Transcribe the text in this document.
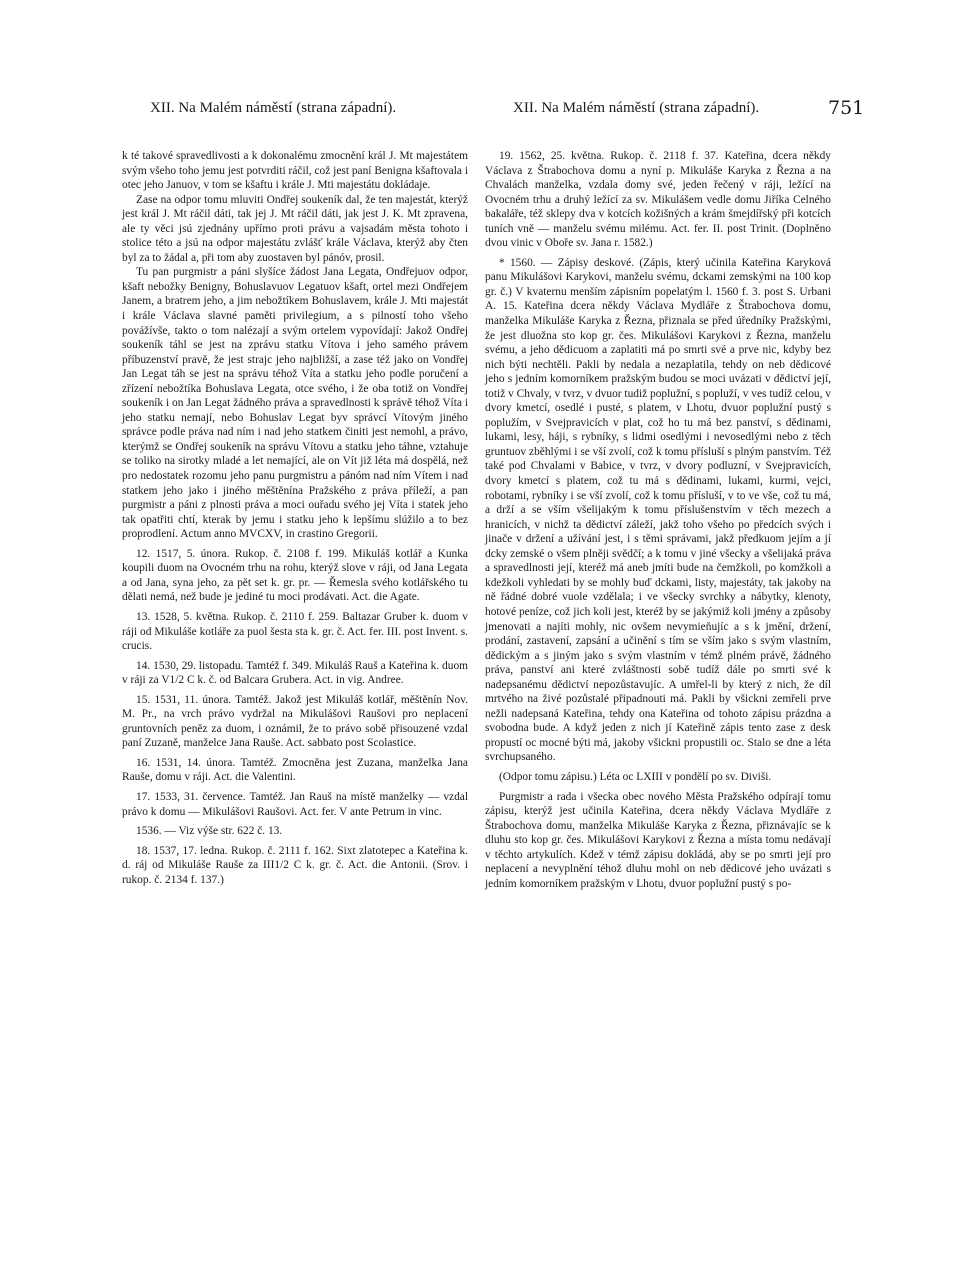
XII. Na Malém náměstí (strana západní).	XII. Na Malém náměstí (strana západní).	751

k té takové spravedlivosti a k dokonalému zmocnění král J. Mt majestátem svým všeho toho jemu jest potvrditi ráčil, což jest paní Benigna kšaftovala i otec jeho Januov, v tom se kšaftu i krále J. Mti majestátu dokládaje.

Zase na odpor tomu mluviti Ondřej soukeník dal, že ten majestát, kterýž jest král J. Mt ráčil dáti, tak jej J. Mt ráčil dáti, jak jest J. K. Mt zpravena, ale ty věci jsú zjednány upřímo proti právu a vajsadám města tohoto i stolice této a jsú na odpor majestátu zvlášť krále Václava, kterýž aby čten byl za to žádal a, při tom aby zuostaven byl pánóv, prosil.

Tu pan purgmistr a páni slyšíce žádost Jana Legata, Ondřejuov odpor, kšaft nebožky Benigny, Bohuslavuov Legatuov kšaft, ortel mezi Ondřejem Janem, a bratrem jeho, a jim nebožtíkem Bohuslavem, krále J. Mti majestát i krále Václava slavné paměti privilegium, a s pilností toho všeho povážívše, takto o tom nalézají a svým ortelem vypovídají: Jakož Ondřej soukeník táhl se jest na zprávu statku Vítova i jeho samého právem příbuzenství pravě, že jest strajc jeho najbližší, a zase též jako on Vondřej Jan Legat táh se jest na správu téhož Víta a statku jeho podle poručení a zřízení nebožtíka Bohuslava Legata, otce svého, i že oba totiž on Vondřej soukeník i on Jan Legat žádného práva a spravedlnosti k správě téhož Víta i jeho statku nemají, nebo Bohuslav Legat byv správcí Vítovým jiného správce podle práva nad ním i nad jeho statkem činiti jest nemohl, a právo, kterýmž se Ondřej soukeník na správu Vítovu a statku jeho táhne, vztahuje se toliko na sirotky mladé a let nemající, ale on Vít již léta má dospělá, než pro nedostatek rozomu jeho panu purgmistru a pánóm nad ním Vítem i nad statkem jeho jako i jiného měštěnína Pražského z práva příleží, a pan purgmistr a páni z plnosti práva a moci ouřadu svého jej Víta i statek jeho tak opatřiti chtí, kterak by jemu i statku jeho k lepšímu slúžilo a to bez proprodlení. Actum anno MVCXV, in crastino Gregorii.

12. 1517, 5. února. Rukop. č. 2108 f. 199. Mikuláš kotlář a Kunka koupili duom na Ovocném trhu na rohu, kterýž slove v ráji, od Jana Legata a od Jana, syna jeho, za pět set k. gr. pr. — Řemesla svého kotlářského tu dělati nemá, než bude je jediné tu moci prodávati. Act. die Agate.

13. 1528, 5. května. Rukop. č. 2110 f. 259. Baltazar Gruber k. duom v ráji od Mikuláše kotláře za puol šesta sta k. gr. č. Act. fer. III. post Invent. s. crucis.

14. 1530, 29. listopadu. Tamtéž f. 349. Mikuláš Rauš a Kateřina k. duom v ráji za V1/2 C k. č. od Balcara Grubera. Act. in vig. Andree.

15. 1531, 11. února. Tamtéž. Jakož jest Mikuláš kotlář, měštěnín Nov. M. Pr., na vrch právo vydržal na Mikulášovi Raušovi pro neplacení gruntovních peněz za duom, i oznámil, že to právo sobě přisouzené vzdal paní Zuzaně, manželce Jana Rauše. Act. sabbato post Scolastice.

16. 1531, 14. února. Tamtéž. Zmocněna jest Zuzana, manželka Jana Rauše, domu v ráji. Act. die Valentini.

17. 1533, 31. července. Tamtéž. Jan Rauš na místě manželky — vzdal právo k domu — Mikulášovi Raušovi. Act. fer. V ante Petrum in vinc.

1536. — Viz výše str. 622 č. 13.

18. 1537, 17. ledna. Rukop. č. 2111 f. 162. Sixt zlatotepec a Kateřina k. d. ráj od Mikuláše Rauše za III1/2 C k. gr. č. Act. die Antonii. (Srov. i rukop. č. 2134 f. 137.)

19. 1562, 25. května. Rukop. č. 2118 f. 37. Kateřina, dcera někdy Václava z Štrabochova domu a nyní p. Mikuláše Karyka z Řezna a na Chvalách manželka, vzdala domy své, jeden řečený v ráji, ležící na Ovocném trhu a druhý ležící za sv. Mikulášem vedle domu Jiříka Celného bakaláře, též sklepy dva v kotcích kožišných a krám šmejdířský při kotcích tuních vně — manželu svému milému. Act. fer. II. post Trinit. (Doplněno dvou vinic v Oboře sv. Jana r. 1582.)

* 1560. — Zápisy deskové. (Zápis, který učinila Kateřina Karyková panu Mikulášovi Karykovi, manželu svému, dckami zemskými na 100 kop gr. č.) V kvaternu menším zápisním popelatým l. 1560 f. 3. post S. Urbani A. 15. Kateřina dcera někdy Václava Mydláře z Štrabochova domu, manželka Mikuláše Karyka z Řezna, přiznala se před úředníky Pražskými, že jest dluožna sto kop gr. čes. Mikulášovi Karykovi z Řezna, manželu svému, a jeho dědicuom a zaplatiti má po smrti své a prve nic, kdyby bez nich býti nechtěli. Pakli by nedala a nezaplatila, tehdy on neb dědicové jeho s jedním komorníkem pražským budou se moci uvázati v dědictví její, totiž v Chvaly, v tvrz, v dvuor tudiž poplužní, s popluží, v ves tudíž celou, v dvory kmetcí, osedlé i pusté, s platem, v Lhotu, dvuor poplužní pustý s poplužím, v Svejpravicích v plat, což ho tu má bez panství, s dědinami, lukami, lesy, háji, s rybníky, s lidmi osedlými i nevosedlými nebo z těch gruntuov zběhlými i se vší zvolí, což k tomu přísluší s plným panstvím. Též také pod Chvalami v Babice, v tvrz, v dvory podluzní, v Svejpravicích, dvory kmetcí s platem, což tu má s dědinami, lukami, kurmi, vejci, robotami, rybníky i se vší zvolí, což k tomu přísluší, v to ve vše, což tu má, a drží a se vším všelijakým k tomu příslušenstvím v těch mezech a hranicích, v nichž ta dědictví záleží, jakž toho všeho po předcích svých i jinače v držení a užívání jest, i s těmi správami, jakž předkuom jejím a jí dcky zemské o všem plněji svědčí; a k tomu v jiné všecky a všelijaká práva a spravedlnosti její, kteréž má aneb jmíti bude na čemžkoli, po komžkoli a kdežkoli vyhledati by se mohly buď dckami, listy, majestáty, tak jakoby na ně řádné dobré vuole vzdělala; i ve všecky svrchky a nábytky, klenoty, hotové peníze, což jich koli jest, kteréž by se jakýmiž koli jmény a způsoby jmenovati a najíti mohly, nic ovšem nevymieňujíc a s k jmění, držení, prodání, zastavení, zapsání a učinění s tím se vším jako s svým vlastním, dědickým a s jiným jako s svým vlastním v témž plném právě, žádného práva, panství ani které zvláštnosti sobě tudíž dále po smrti své k nadepsanému dědictví nepozůstavujíc. A umřel-li by který z nich, že díl mrtvého na živé pozůstalé připadnouti má. Pakli by všickni zemřeli prve nežli nadepsaná Kateřina, tehdy ona Kateřina od tohoto zápisu prázdna a svobodna bude. A když jeden z nich jí Kateřině zápis tento zase z desk propustí oc mocné býti má, jakoby všickni propustili oc. Stalo se dne a léta svrchupsaného.

(Odpor tomu zápisu.) Léta oc LXIII v pondělí po sv. Diviši.

Purgmistr a rada i všecka obec nového Města Pražského odpírají tomu zápisu, kterýž jest učinila Kateřina, dcera někdy Václava Mydláře z Štrabochova domu, manželka Mikuláše Karyka z Řezna, přiznávajíc se k dluhu sto kop gr. čes. Mikulášovi Karykovi z Řezna a místa tomu nedávají v těchto artykulích. Kdež v témž zápisu dokládá, aby se po smrti její pro neplacení a nevyplnění téhož dluhu mohl on neb dědicové jeho uvázati s jedním komorníkem pražským v Lhotu, dvuor poplužní pustý s po-
